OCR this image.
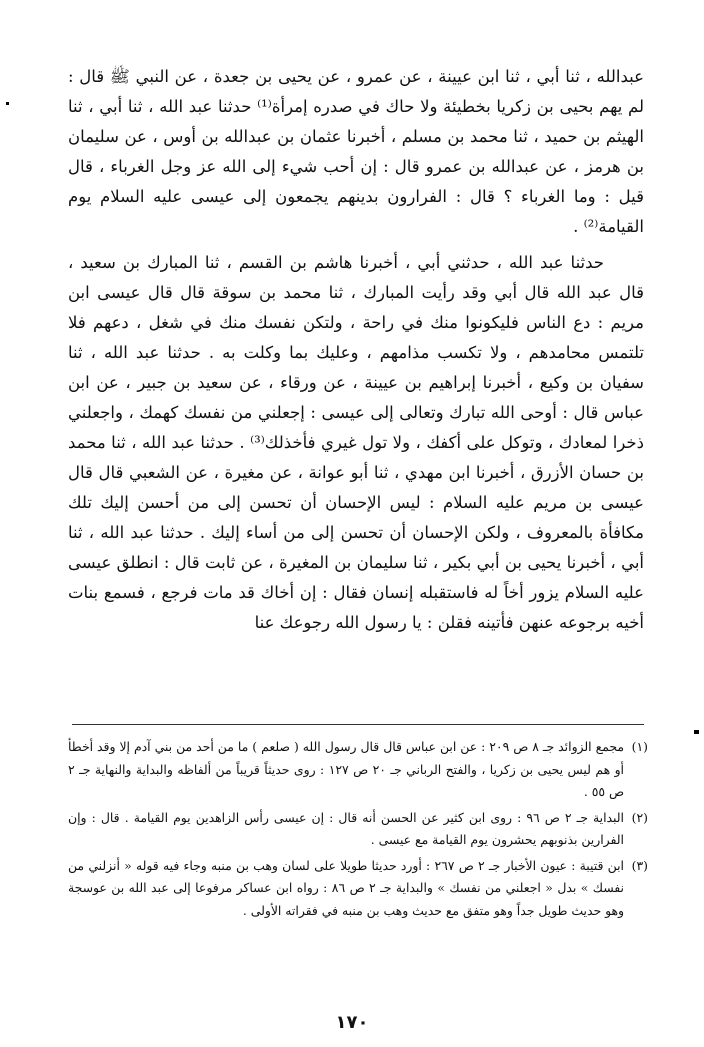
عبدالله ، ثنا أبي ، ثنا ابن عيينة ، عن عمرو ، عن يحيى بن جعدة ، عن النبي ﷺ قال : لم يهم بحيى بن زكريا بخطيئة ولا حاك في صدره إمرأة⁽¹⁾ حدثنا عبد الله ، ثنا أبي ، ثنا الهيثم بن حميد ، ثنا محمد بن مسلم ، أخبرنا عثمان بن عبدالله بن أوس ، عن سليمان بن هرمز ، عن عبدالله بن عمرو قال : إن أحب شيء إلى الله عز وجل الغرباء ، قال قيل : وما الغرباء ؟ قال : الفرارون بدينهم يجمعون إلى عيسى عليه السلام يوم القيامة⁽²⁾ .

حدثنا عبد الله ، حدثني أبي ، أخبرنا هاشم بن القسم ، ثنا المبارك بن سعيد ، قال عبد الله قال أبي وقد رأيت المبارك ، ثنا محمد بن سوقة قال قال عيسى ابن مريم : دع الناس فليكونوا منك في راحة ، ولتكن نفسك منك في شغل ، دعهم فلا تلتمس محامدهم ، ولا تكسب مذامهم ، وعليك بما وكلت به . حدثنا عبد الله ، ثنا سفيان بن وكيع ، أخبرنا إبراهيم بن عيينة ، عن ورقاء ، عن سعيد بن جبير ، عن ابن عباس قال : أوحى الله تبارك وتعالى إلى عيسى : إجعلني من نفسك كهمك ، واجعلني ذخرا لمعادك ، وتوكل على أكفك ، ولا تول غيري فأخذلك⁽³⁾ . حدثنا عبد الله ، ثنا محمد بن حسان الأزرق ، أخبرنا ابن مهدي ، ثنا أبو عوانة ، عن مغيرة ، عن الشعبي قال قال عيسى بن مريم عليه السلام : ليس الإحسان أن تحسن إلى من أحسن إليك تلك مكافأة بالمعروف ، ولكن الإحسان أن تحسن إلى من أساء إليك . حدثنا عبد الله ، ثنا أبي ، أخبرنا يحيى بن أبي بكير ، ثنا سليمان بن المغيرة ، عن ثابت قال : انطلق عيسى عليه السلام يزور أخاً له فاستقبله إنسان فقال : إن أخاك قد مات فرجع ، فسمع بنات أخيه برجوعه عنهن فأتينه فقلن : يا رسول الله رجوعك عنا

(١)
مجمع الزوائد جـ ٨ ص ٢٠٩ : عن ابن عباس قال قال رسول الله ( صلعم ) ما من أحد من بني آدم إلا وقد أخطأ أو هم ليس يحيى بن زكريا ، والفتح الرباني جـ ٢٠ ص ١٢٧ : روى حديثاً قريباً من ألفاظه والبداية والنهاية جـ ٢ ص ٥٥ .
(٢)
البداية جـ ٢ ص ٩٦ : روى ابن كثير عن الحسن أنه قال : إن عيسى رأس الزاهدين يوم القيامة . قال : وإن الفرارين بذنوبهم يحشرون يوم القيامة مع عيسى .
(٣)
ابن قتيبة : عيون الأخبار جـ ٢ ص ٢٦٧ : أورد حديثا طويلا على لسان وهب بن منبه وجاء فيه قوله « أنزلني من نفسك » بدل « اجعلني من نفسك » والبداية جـ ٢ ص ٨٦ : رواه ابن عساكر مرفوعا إلى عبد الله بن عوسجة وهو حديث طويل جداً وهو متفق مع حديث وهب بن منبه في فقراته الأولى .
١٧٠
